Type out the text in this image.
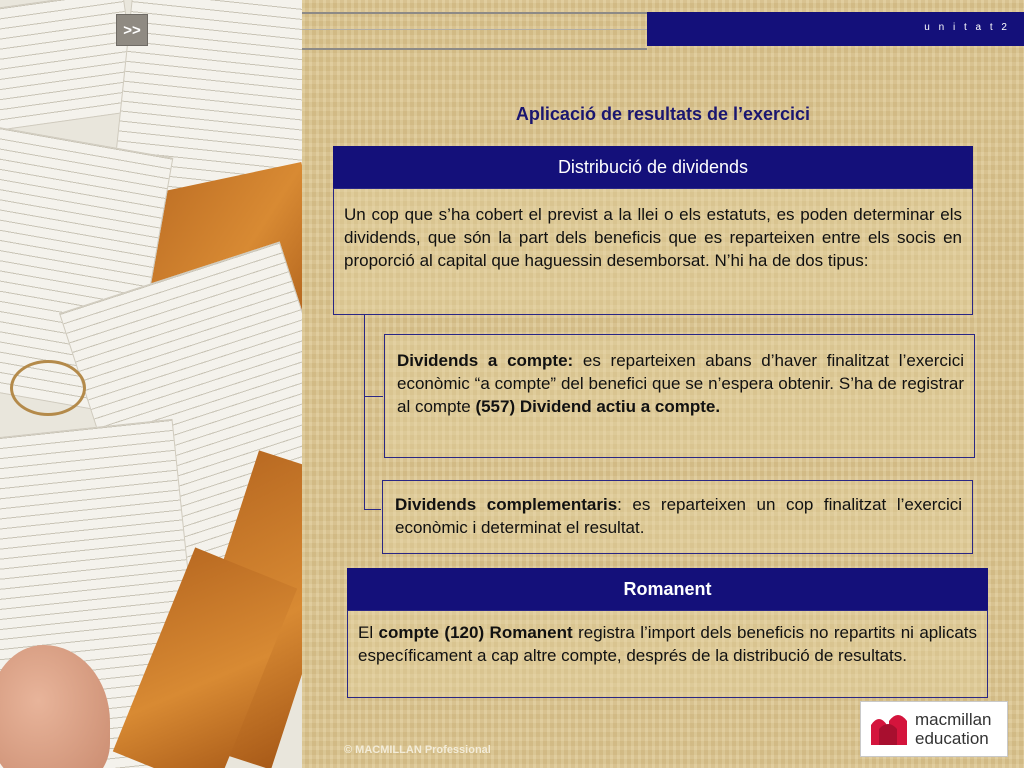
>>	u n i t a t 2
Aplicació de resultats de l’exercici
Distribució de dividends
Un cop que s’ha cobert el previst a la llei o els estatuts, es poden determinar els dividends, que són la part dels beneficis que es reparteixen entre els socis en proporció al capital que haguessin desemborsat. N’hi ha de dos tipus:
Dividends a compte: es reparteixen abans d’haver finalitzat l’exercici econòmic “a compte” del benefici que se n’espera obtenir. S’ha de registrar al compte (557) Dividend actiu a compte.
Dividends complementaris: es reparteixen un cop finalitzat l’exercici econòmic i determinat el resultat.
Romanent
El compte (120) Romanent registra l’import dels beneficis no repartits ni aplicats específicament a cap altre compte, després de la distribució de resultats.
© MACMILLAN Professional
macmillan
education
